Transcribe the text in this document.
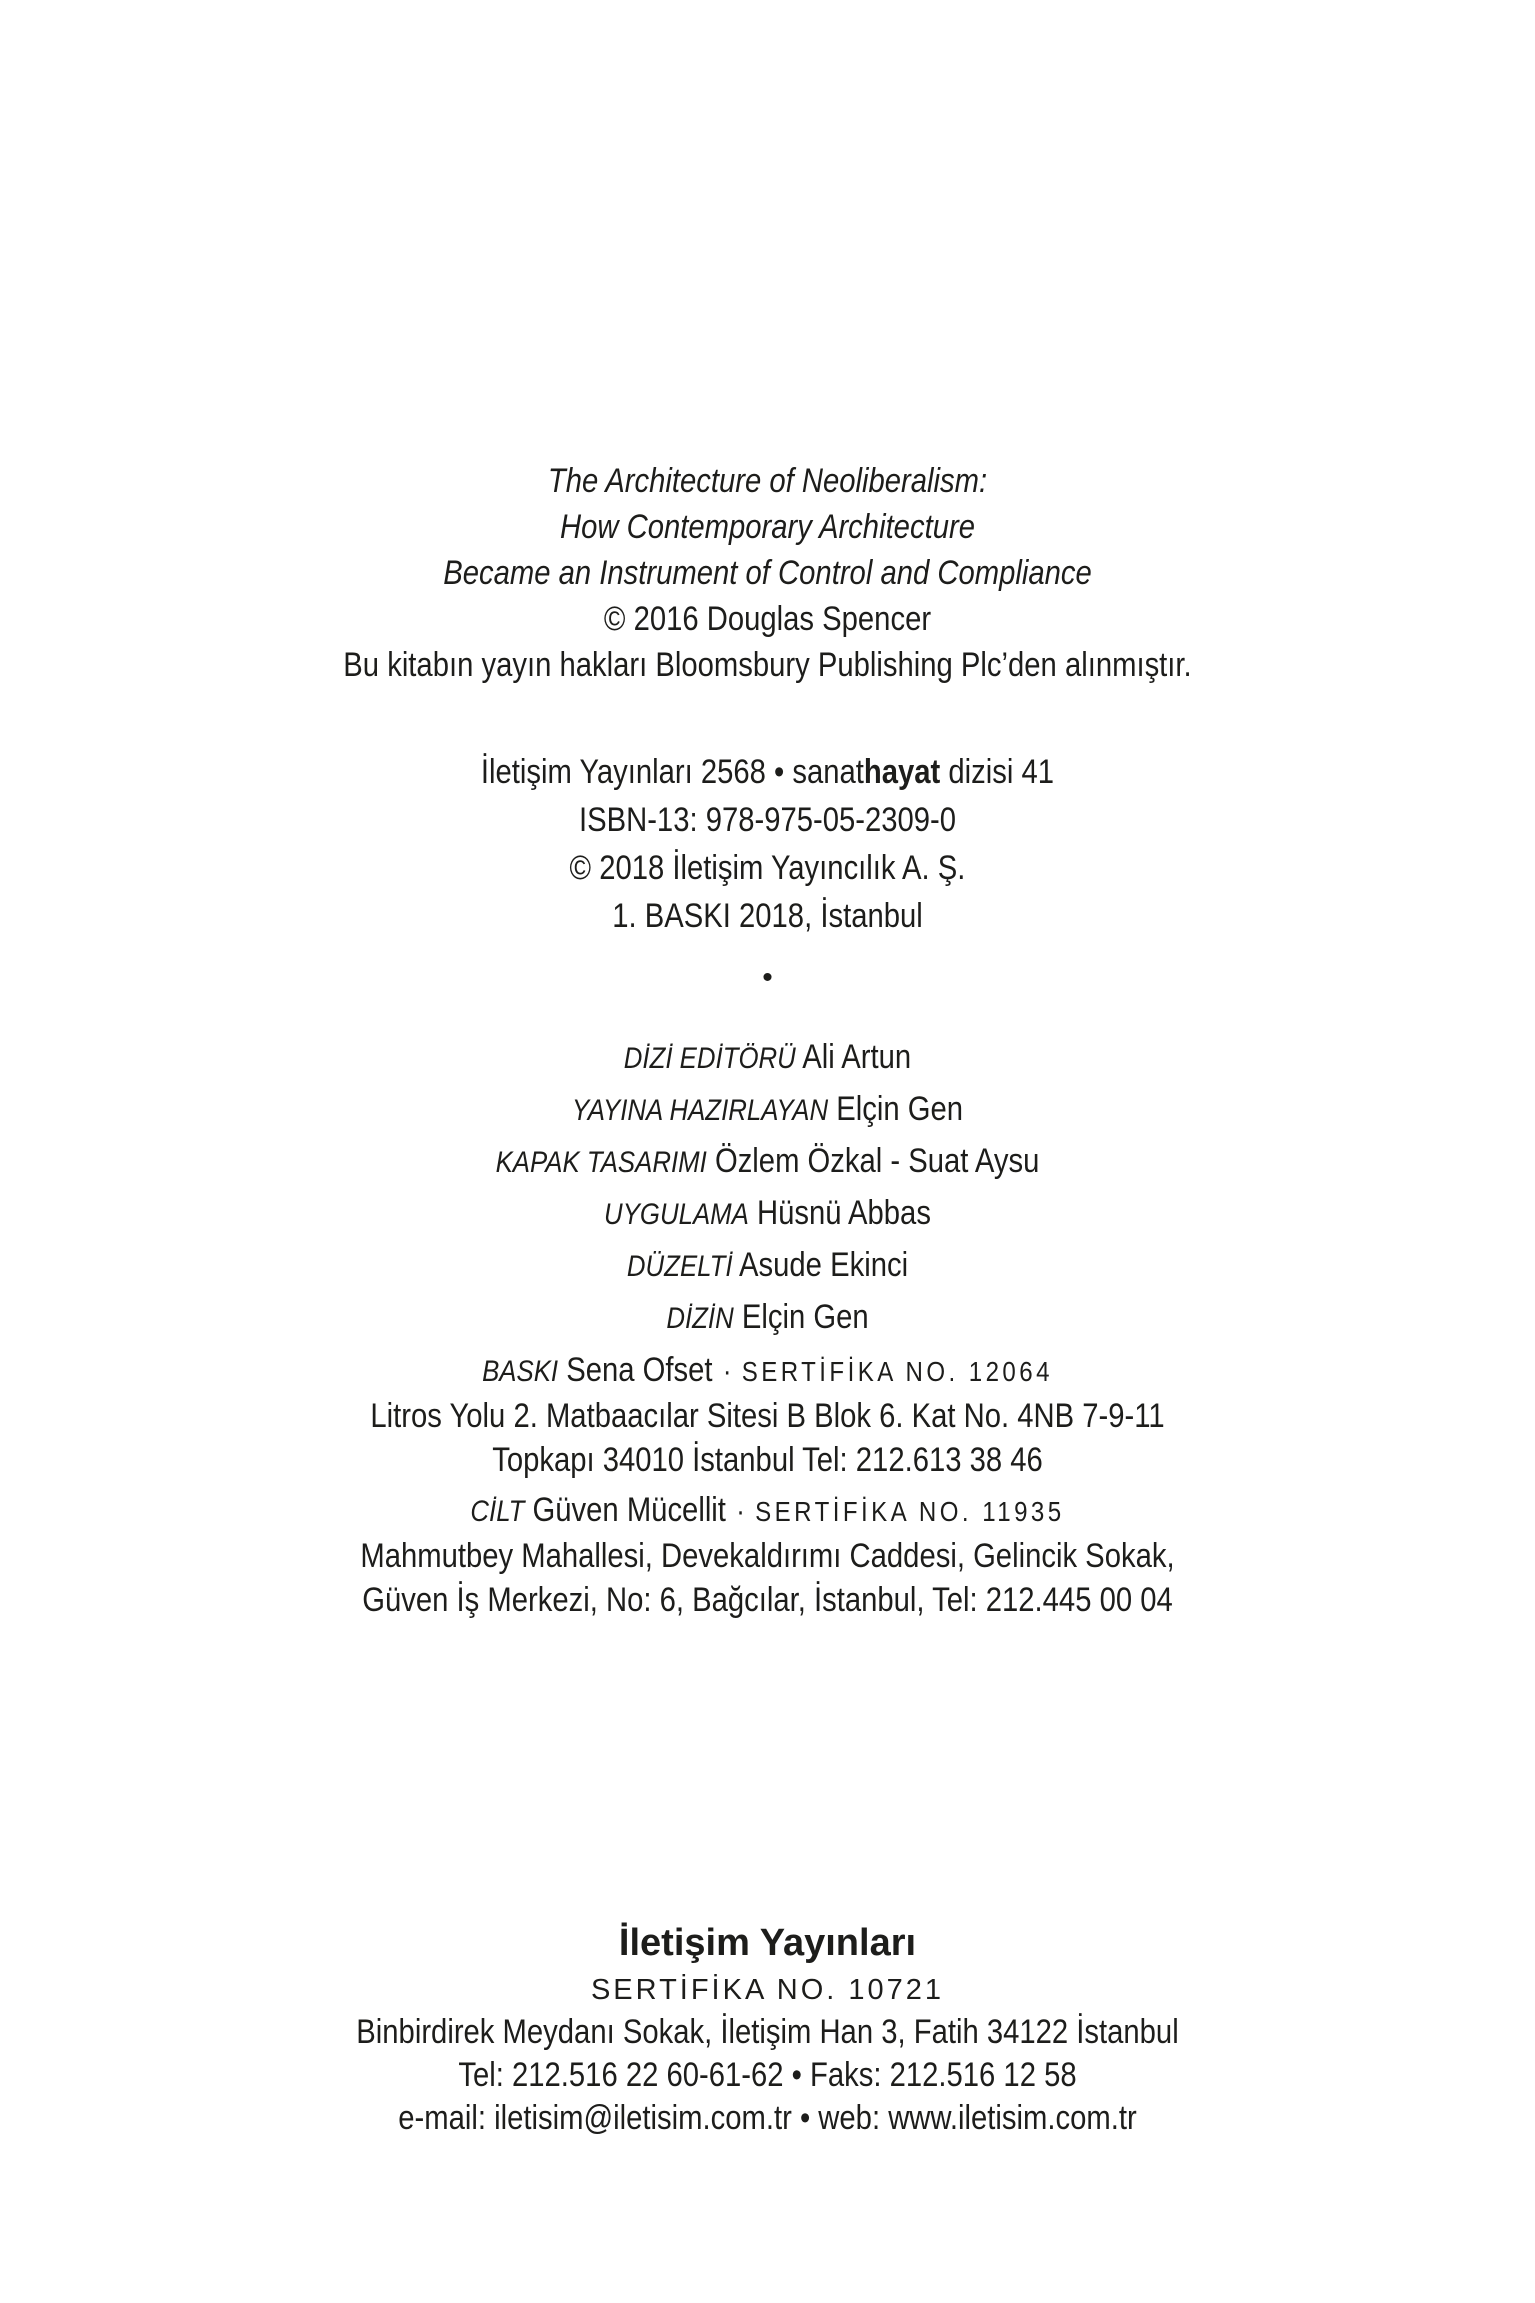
The Architecture of Neoliberalism:

How Contemporary Architecture

Became an Instrument of Control and Compliance

© 2016 Douglas Spencer

Bu kitabın yayın hakları Bloomsbury Publishing Plc’den alınmıştır.

İletişim Yayınları 2568 • sanathayat dizisi 41

ISBN-13: 978-975-05-2309-0

© 2018 İletişim Yayıncılık A. Ş.

1. BASKI 2018, İstanbul

•

DİZİ EDİTÖRÜ Ali Artun

YAYINA HAZIRLAYAN Elçin Gen

KAPAK TASARIMI Özlem Özkal - Suat Aysu

UYGULAMA Hüsnü Abbas

DÜZELTİ Asude Ekinci

DİZİN Elçin Gen

BASKI Sena Ofset · SERTİFİKA NO. 12064

Litros Yolu 2. Matbaacılar Sitesi B Blok 6. Kat No. 4NB 7-9-11

Topkapı 34010 İstanbul Tel: 212.613 38 46

CİLT Güven Mücellit · SERTİFİKA NO. 11935

Mahmutbey Mahallesi, Devekaldırımı Caddesi, Gelincik Sokak,

Güven İş Merkezi, No: 6, Bağcılar, İstanbul, Tel: 212.445 00 04

İletişim Yayınları

SERTİFİKA NO. 10721

Binbirdirek Meydanı Sokak, İletişim Han 3, Fatih 34122 İstanbul

Tel: 212.516 22 60-61-62 • Faks: 212.516 12 58

e-mail: iletisim@iletisim.com.tr • web: www.iletisim.com.tr
